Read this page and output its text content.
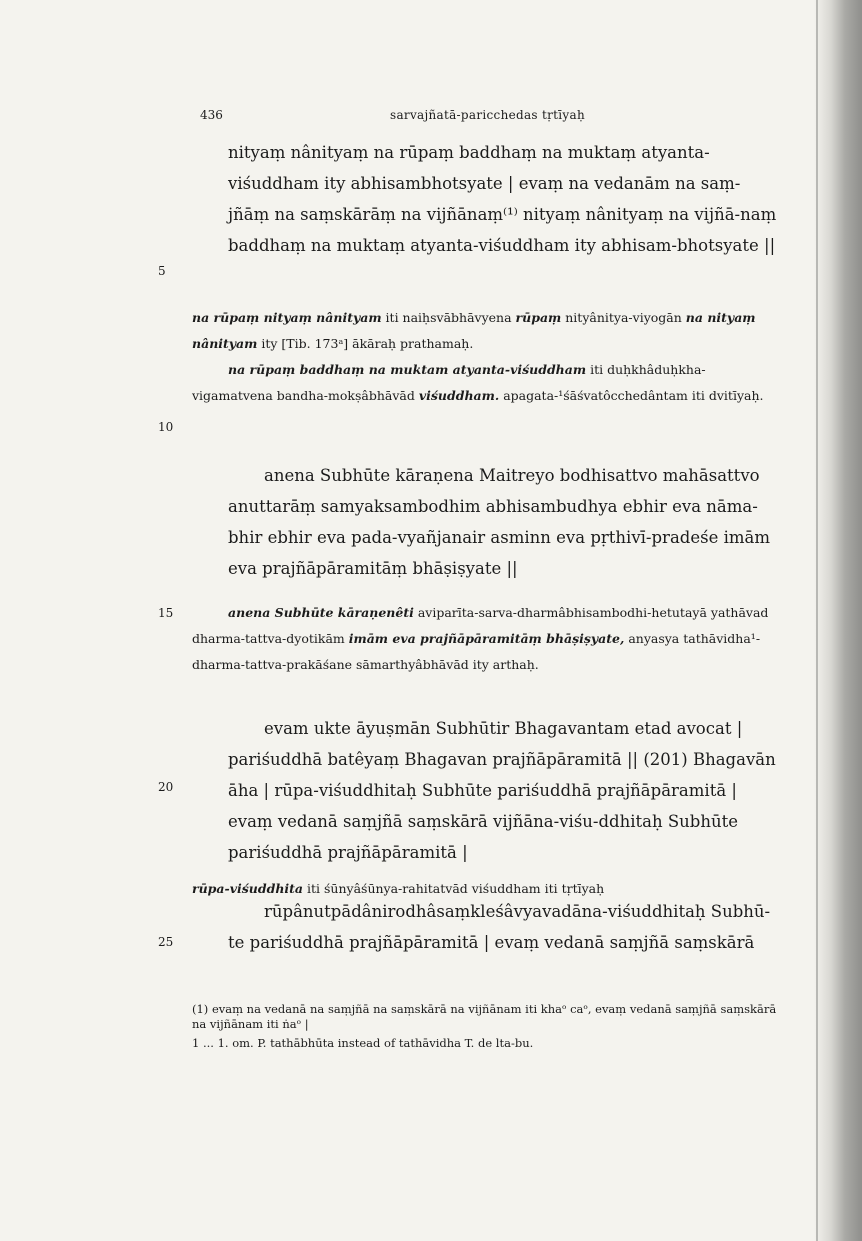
436	sarvajñatā-paricchedas tṛtīyaḥ
5
10
15
20
25

nityaṃ nânityaṃ na rūpaṃ baddhaṃ na muktaṃ atyanta-viśuddham ity abhisambhotsyate | evaṃ na vedanām na saṃ-jñāṃ na saṃskārāṃ na vijñānaṃ⁽¹⁾ nityaṃ nânityaṃ na vijñā-naṃ baddhaṃ na muktaṃ atyanta-viśuddham ity abhisam-bhotsyate ||

na rūpaṃ nityaṃ nânityam iti naiḥsvābhāvyena rūpaṃ nityânitya-viyogān na nityaṃ nânityam ity [Tib. 173ᵃ] ākāraḥ prathamaḥ.
na rūpaṃ baddhaṃ na muktam atyanta-viśuddham iti duḥkhâduḥkha-vigamatvena bandha-mokṣâbhāvād viśuddham. apagata-¹śāśvatôcchedântam iti dvitīyaḥ.

anena Subhūte kāraṇena Maitreyo bodhisattvo mahāsattvo anuttarāṃ samyaksambodhim abhisambudhya ebhir eva nāma-bhir ebhir eva pada-vyañjanair asminn eva pṛthivī-pradeśe imām eva prajñāpāramitāṃ bhāṣiṣyate ||

anena Subhūte kāraṇenêti aviparīta-sarva-dharmâbhisambodhi-hetutayā yathāvad dharma-tattva-dyotikām imām eva prajñāpāramitāṃ bhāṣiṣyate, anyasya tathāvidha¹-dharma-tattva-prakāśane sāmarthyâbhāvād ity arthaḥ.

evam ukte āyuṣmān Subhūtir Bhagavantam etad avocat | pariśuddhā batêyaṃ Bhagavan prajñāpāramitā || (201) Bhagavān āha | rūpa-viśuddhitaḥ Subhūte pariśuddhā prajñāpāramitā | evaṃ vedanā saṃjñā saṃskārā vijñāna-viśu-ddhitaḥ Subhūte pariśuddhā prajñāpāramitā |

rūpa-viśuddhita iti śūnyâśūnya-rahitatvād viśuddham iti tṛtīyaḥ

rūpânutpādânirodhâsaṃkleśâvyavadāna-viśuddhitaḥ Subhū-te pariśuddhā prajñāpāramitā | evaṃ vedanā saṃjñā saṃskārā

(1) evaṃ na vedanā na saṃjñā na saṃskārā na vijñānam iti khaᵒ caᵒ, evaṃ vedanā saṃjñā saṃskārā na vijñānam iti ṅaᵒ |

1 ... 1. om. P. tathābhūta instead of tathāvidha T. de lta-bu.
